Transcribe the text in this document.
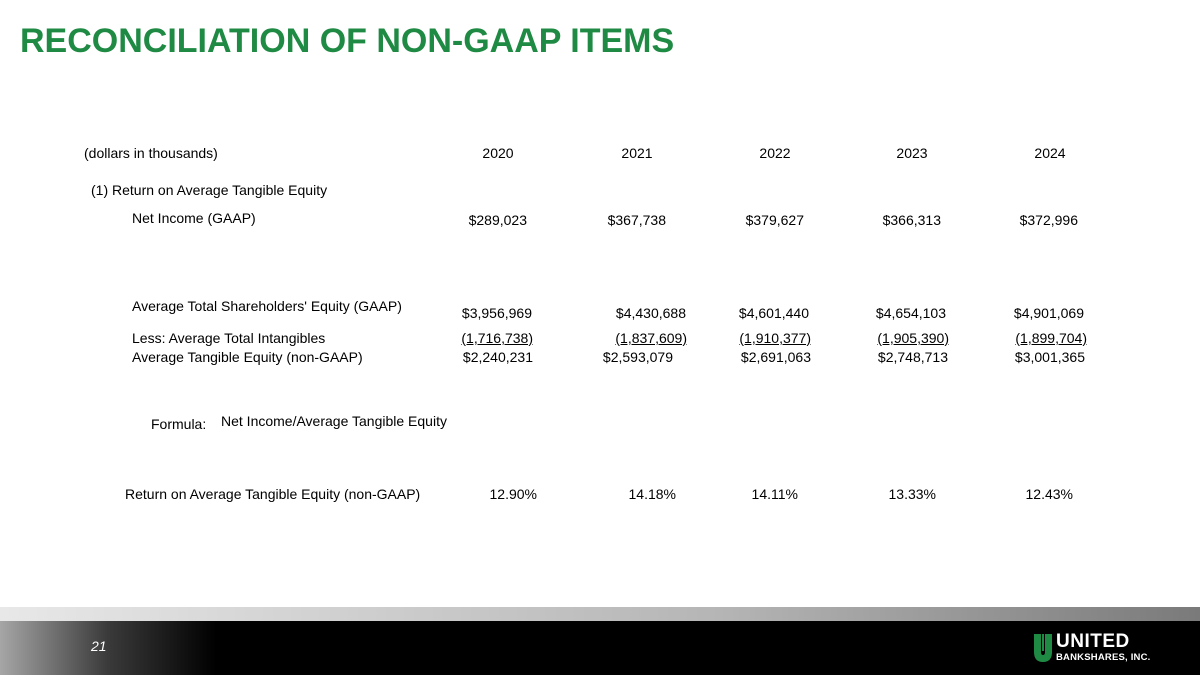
RECONCILIATION OF NON-GAAP ITEMS
(dollars in thousands)	2020	2021	2022	2023	2024
(1) Return on Average Tangible Equity
Net Income (GAAP)	$289,023	$367,738	$379,627	$366,313	$372,996
Average Total Shareholders' Equity (GAAP)	$3,956,969	$4,430,688	$4,601,440	$4,654,103	$4,901,069
Less: Average Total Intangibles	(1,716,738)	(1,837,609)	(1,910,377)	(1,905,390)	(1,899,704)
Average Tangible Equity (non-GAAP)	$2,240,231	$2,593,079	$2,691,063	$2,748,713	$3,001,365
Formula: Net Income/Average Tangible Equity
Return on Average Tangible Equity (non-GAAP)	12.90%	14.18%	14.11%	13.33%	12.43%
21	UNITED
BANKSHARES, INC.
